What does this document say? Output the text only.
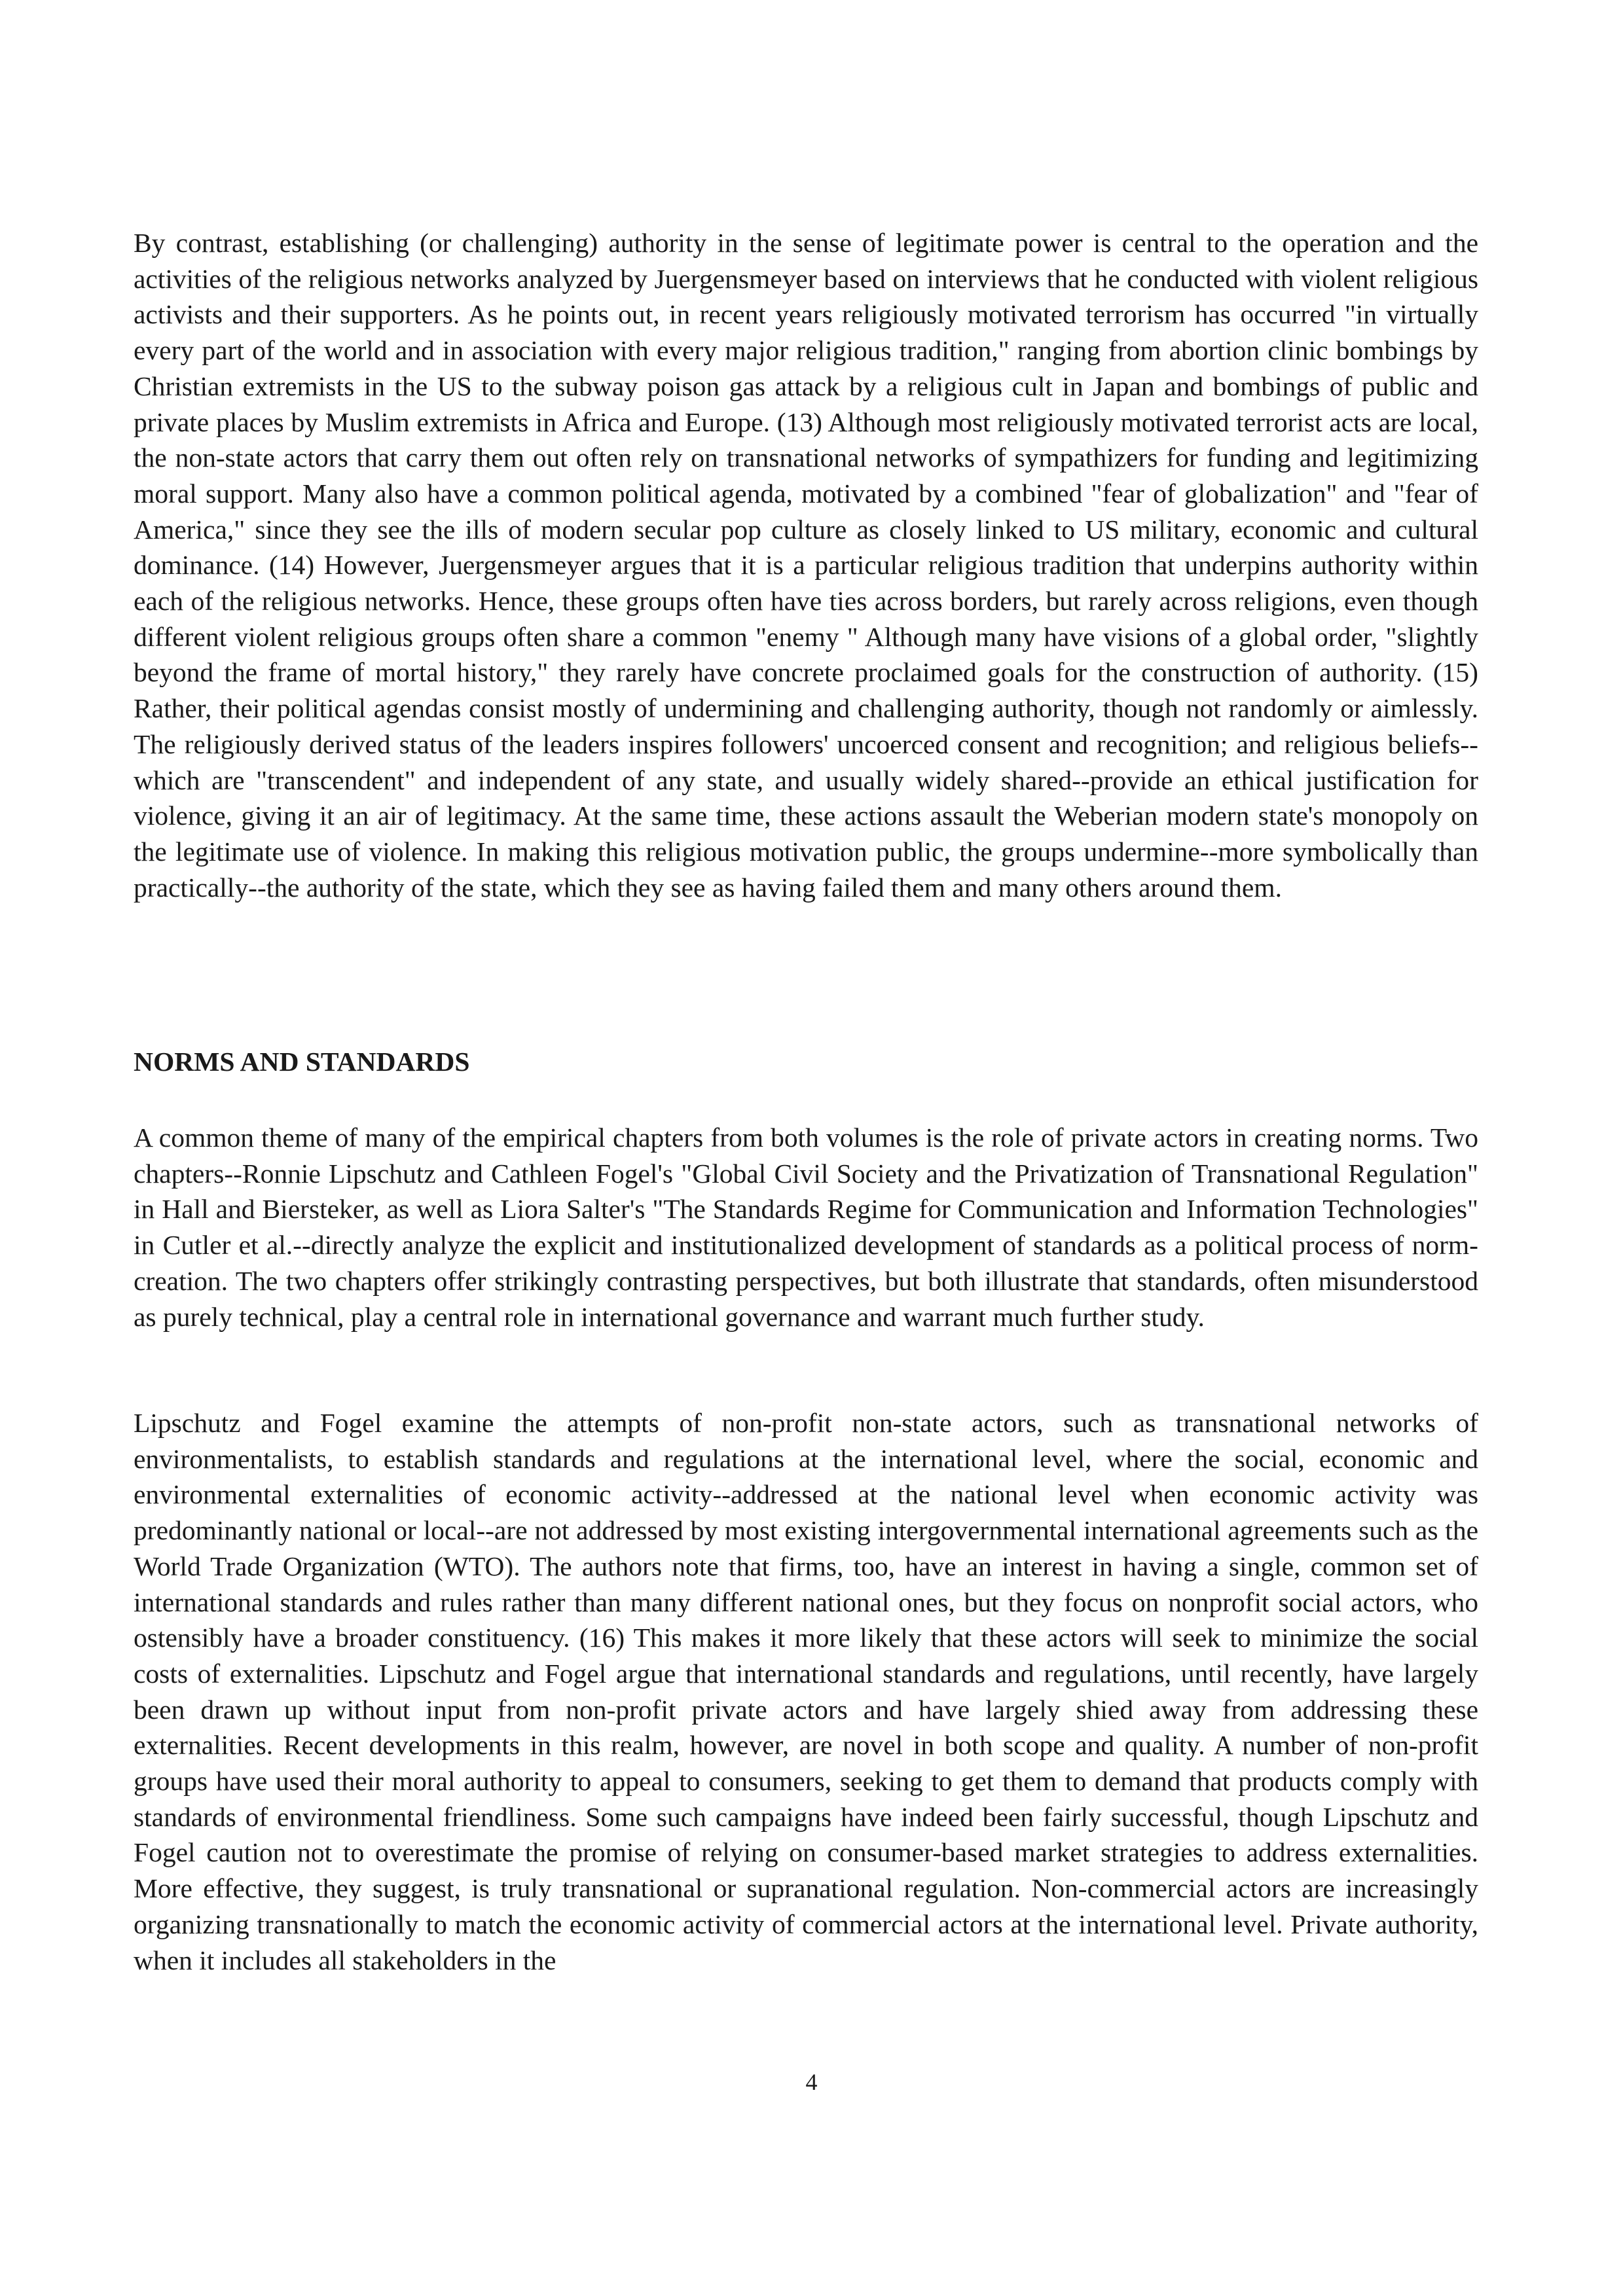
By contrast, establishing (or challenging) authority in the sense of legitimate power is central to the operation and the activities of the religious networks analyzed by Juergensmeyer based on interviews that he conducted with violent religious activists and their supporters. As he points out, in recent years religiously motivated terrorism has occurred "in virtually every part of the world and in association with every major religious tradition," ranging from abortion clinic bombings by Christian extremists in the US to the subway poison gas attack by a religious cult in Japan and bombings of public and private places by Muslim extremists in Africa and Europe. (13) Although most religiously motivated terrorist acts are local, the non-state actors that carry them out often rely on transnational networks of sympathizers for funding and legitimizing moral support. Many also have a common political agenda, motivated by a combined "fear of globalization" and "fear of America," since they see the ills of modern secular pop culture as closely linked to US military, economic and cultural dominance. (14) However, Juergensmeyer argues that it is a particular religious tradition that underpins authority within each of the religious networks. Hence, these groups often have ties across borders, but rarely across religions, even though different violent religious groups often share a common "enemy " Although many have visions of a global order, "slightly beyond the frame of mortal history," they rarely have concrete proclaimed goals for the construction of authority. (15) Rather, their political agendas consist mostly of undermining and challenging authority, though not randomly or aimlessly. The religiously derived status of the leaders inspires followers' uncoerced consent and recognition; and religious beliefs--which are "transcendent" and independent of any state, and usually widely shared--provide an ethical justification for violence, giving it an air of legitimacy. At the same time, these actions assault the Weberian modern state's monopoly on the legitimate use of violence. In making this religious motivation public, the groups undermine--more symbolically than practically--the authority of the state, which they see as having failed them and many others around them.

NORMS AND STANDARDS

A common theme of many of the empirical chapters from both volumes is the role of private actors in creating norms. Two chapters--Ronnie Lipschutz and Cathleen Fogel's "Global Civil Society and the Privatization of Transnational Regulation" in Hall and Biersteker, as well as Liora Salter's "The Standards Regime for Communication and Information Technologies" in Cutler et al.--directly analyze the explicit and institutionalized development of standards as a political process of norm-creation. The two chapters offer strikingly contrasting perspectives, but both illustrate that standards, often misunderstood as purely technical, play a central role in international governance and warrant much further study.

Lipschutz and Fogel examine the attempts of non-profit non-state actors, such as transnational networks of environmentalists, to establish standards and regulations at the international level, where the social, economic and environmental externalities of economic activity--addressed at the national level when economic activity was predominantly national or local--are not addressed by most existing intergovernmental international agreements such as the World Trade Organization (WTO). The authors note that firms, too, have an interest in having a single, common set of international standards and rules rather than many different national ones, but they focus on nonprofit social actors, who ostensibly have a broader constituency. (16) This makes it more likely that these actors will seek to minimize the social costs of externalities. Lipschutz and Fogel argue that international standards and regulations, until recently, have largely been drawn up without input from non-profit private actors and have largely shied away from addressing these externalities. Recent developments in this realm, however, are novel in both scope and quality. A number of non-profit groups have used their moral authority to appeal to consumers, seeking to get them to demand that products comply with standards of environmental friendliness. Some such campaigns have indeed been fairly successful, though Lipschutz and Fogel caution not to overestimate the promise of relying on consumer-based market strategies to address externalities. More effective, they suggest, is truly transnational or supranational regulation. Non-commercial actors are increasingly organizing transnationally to match the economic activity of commercial actors at the international level. Private authority, when it includes all stakeholders in the

4
